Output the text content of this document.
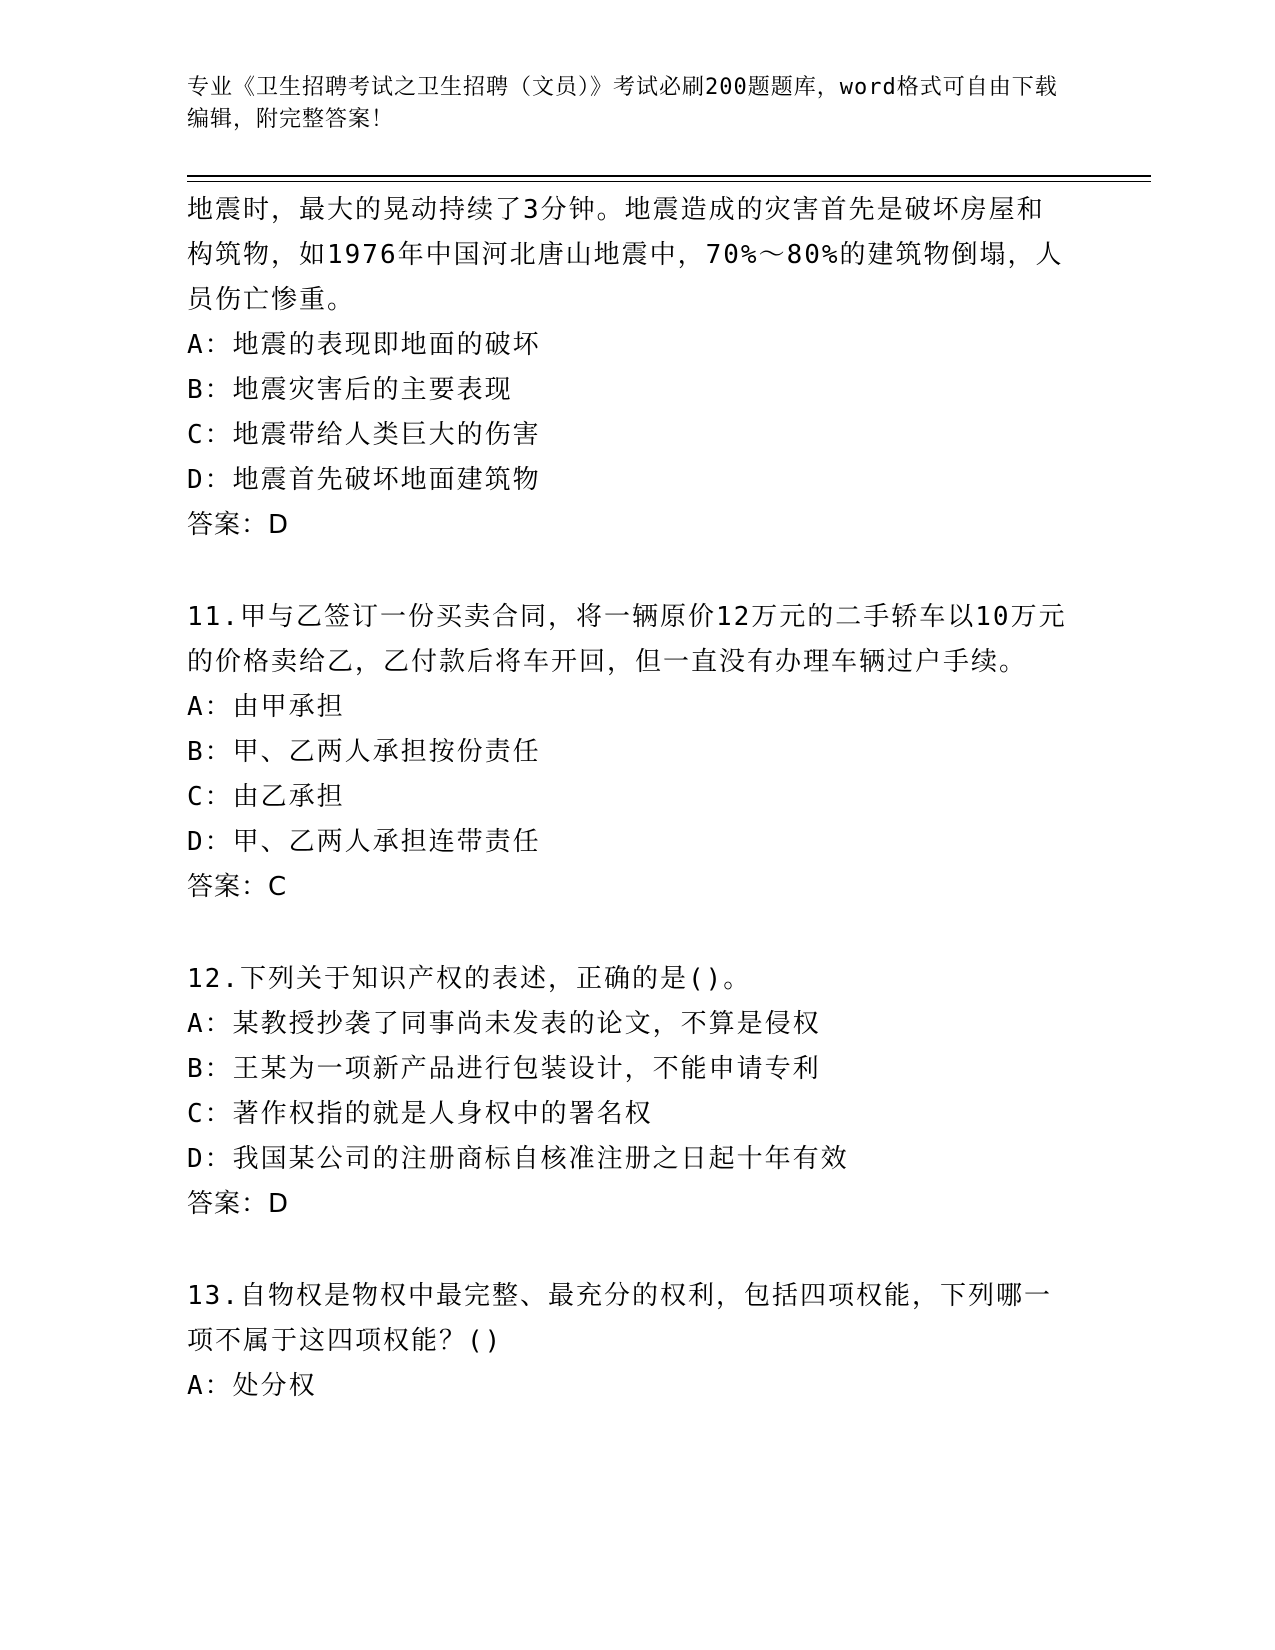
专业《卫生招聘考试之卫生招聘（文员）》考试必刷200题题库，word格式可自由下载编辑，附完整答案！

地震时，最大的晃动持续了3分钟。地震造成的灾害首先是破坏房屋和构筑物，如1976年中国河北唐山地震中，70%～80%的建筑物倒塌，人员伤亡惨重。

A：地震的表现即地面的破坏

B：地震灾害后的主要表现

C：地震带给人类巨大的伤害

D：地震首先破坏地面建筑物

答案：D

11.甲与乙签订一份买卖合同，将一辆原价12万元的二手轿车以10万元的价格卖给乙，乙付款后将车开回，但一直没有办理车辆过户手续。

A：由甲承担

B：甲、乙两人承担按份责任

C：由乙承担

D：甲、乙两人承担连带责任

答案：C

12.下列关于知识产权的表述，正确的是()。

A：某教授抄袭了同事尚未发表的论文，不算是侵权

B：王某为一项新产品进行包装设计，不能申请专利

C：著作权指的就是人身权中的署名权

D：我国某公司的注册商标自核准注册之日起十年有效

答案：D

13.自物权是物权中最完整、最充分的权利，包括四项权能，下列哪一项不属于这四项权能？()

A：处分权
